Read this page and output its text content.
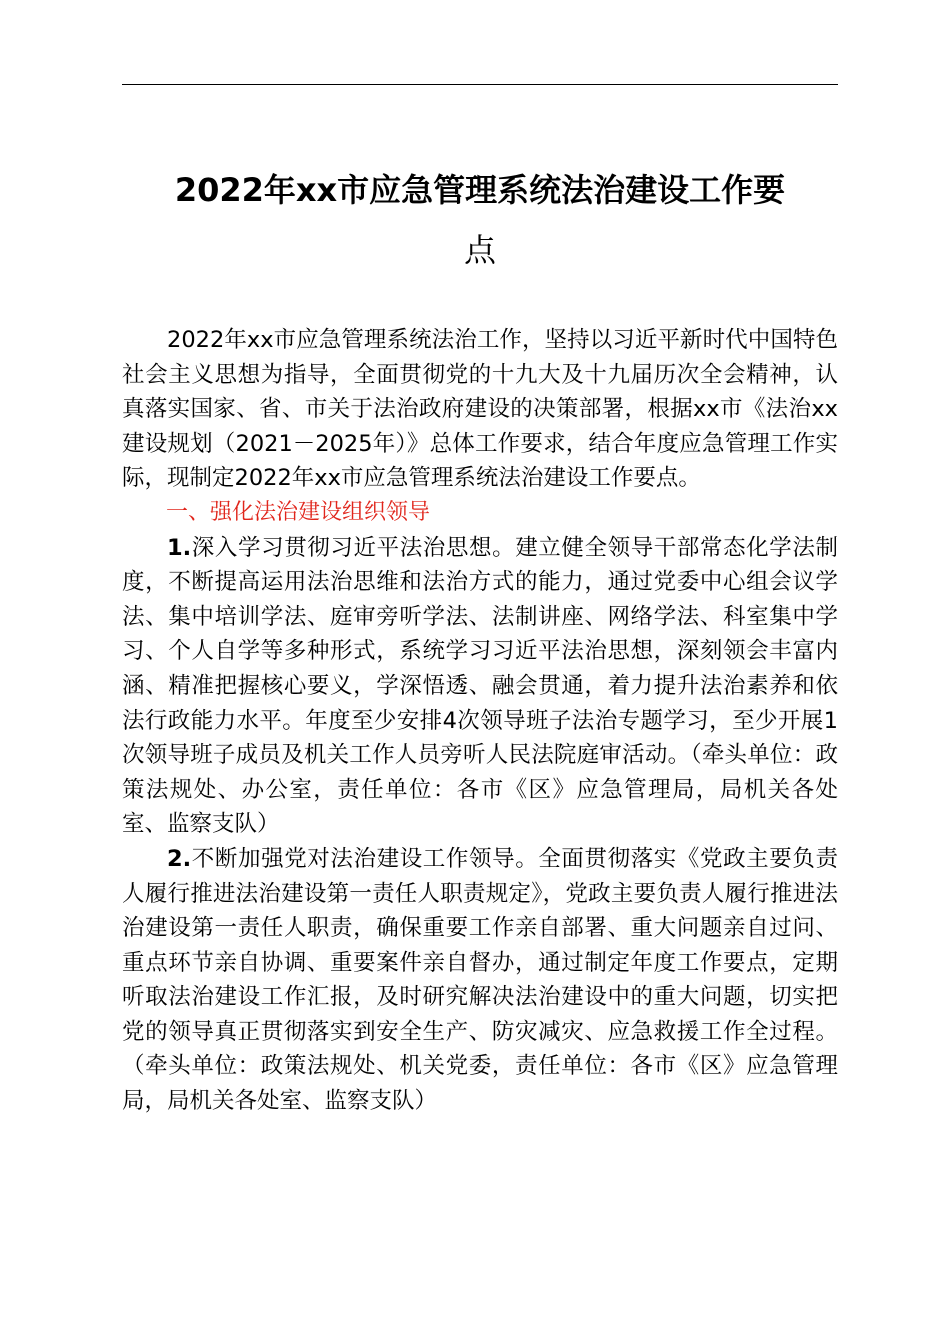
2022年xx市应急管理系统法治建设工作要
点

2022年xx市应急管理系统法治工作，坚持以习近平新时代中国特色社会主义思想为指导，全面贯彻党的十九大及十九届历次全会精神，认真落实国家、省、市关于法治政府建设的决策部署，根据xx市《法治xx建设规划（2021－2025年）》总体工作要求，结合年度应急管理工作实际，现制定2022年xx市应急管理系统法治建设工作要点。

一、强化法治建设组织领导

1.深入学习贯彻习近平法治思想。建立健全领导干部常态化学法制度，不断提高运用法治思维和法治方式的能力，通过党委中心组会议学法、集中培训学法、庭审旁听学法、法制讲座、网络学法、科室集中学习、个人自学等多种形式，系统学习习近平法治思想，深刻领会丰富内涵、精准把握核心要义，学深悟透、融会贯通，着力提升法治素养和依法行政能力水平。年度至少安排4次领导班子法治专题学习，至少开展1次领导班子成员及机关工作人员旁听人民法院庭审活动。（牵头单位：政策法规处、办公室，责任单位：各市《区》应急管理局，局机关各处室、监察支队）

2.不断加强党对法治建设工作领导。全面贯彻落实《党政主要负责人履行推进法治建设第一责任人职责规定》，党政主要负责人履行推进法治建设第一责任人职责，确保重要工作亲自部署、重大问题亲自过问、重点环节亲自协调、重要案件亲自督办，通过制定年度工作要点，定期听取法治建设工作汇报，及时研究解决法治建设中的重大问题，切实把党的领导真正贯彻落实到安全生产、防灾减灾、应急救援工作全过程。（牵头单位：政策法规处、机关党委，责任单位：各市《区》应急管理局，局机关各处室、监察支队）
